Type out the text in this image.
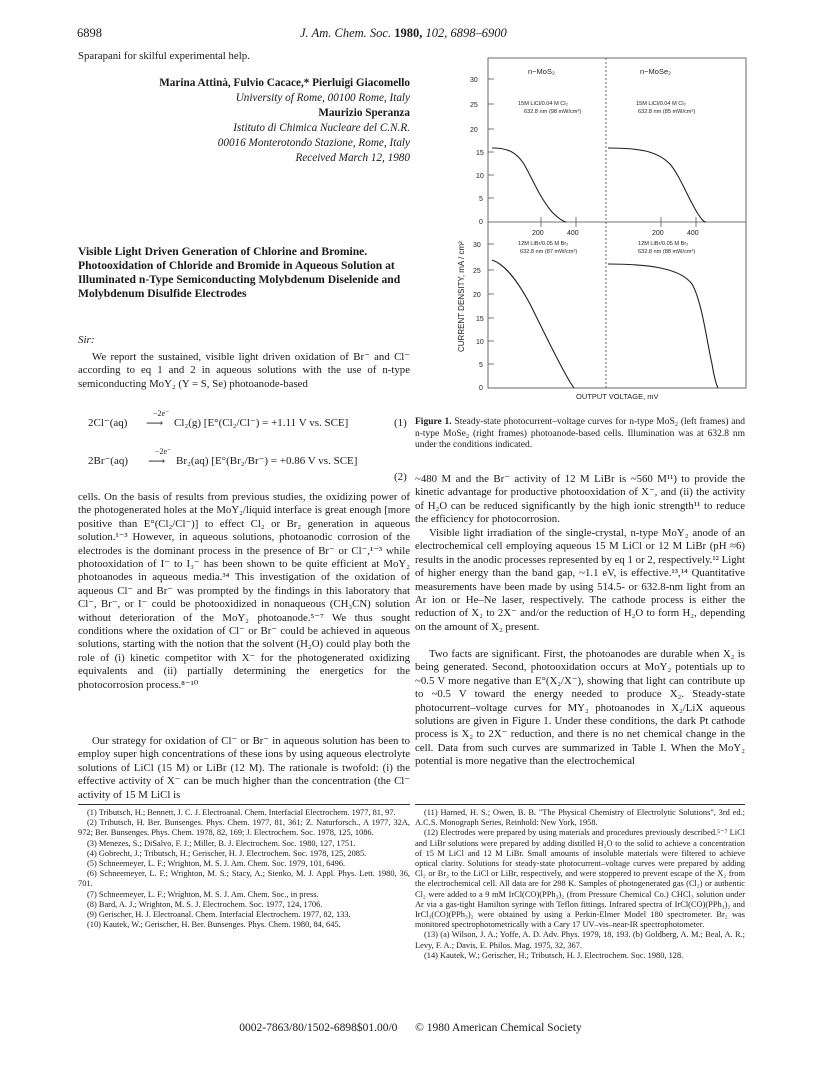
6898	J. Am. Chem. Soc. 1980, 102, 6898–6900
Sparapani for skilful experimental help.
Marina Attinà, Fulvio Cacace,* Pierluigi Giacomello
University of Rome, 00100 Rome, Italy
Maurizio Speranza
Istituto di Chimica Nucleare del C.N.R.
00016 Monterotondo Stazione, Rome, Italy
Received March 12, 1980
Visible Light Driven Generation of Chlorine and Bromine. Photooxidation of Chloride and Bromide in Aqueous Solution at Illuminated n-Type Semiconducting Molybdenum Diselenide and Molybdenum Disulfide Electrodes
Sir:

We report the sustained, visible light driven oxidation of Br⁻ and Cl⁻ according to eq 1 and 2 in aqueous solutions with the use of n-type semiconducting MoY₂ (Y = S, Se) photoanode-based

2Cl⁻(aq)
−2e⁻
⟶ Cl₂(g) [E°(Cl₂/Cl⁻) = +1.11 V vs. SCE]	(1)
2Br⁻(aq)
−2e⁻
⟶ Br₂(aq) [E°(Br₂/Br⁻) = +0.86 V vs. SCE]
(2)

cells. On the basis of results from previous studies, the oxidizing power of the photogenerated holes at the MoY₂/liquid interface is great enough [more positive than E°(Cl₂/Cl⁻)] to effect Cl₂ or Br₂ generation in aqueous solution.¹⁻³ However, in aqueous solutions, photoanodic corrosion of the electrodes is the dominant process in the presence of Br⁻ or Cl⁻,¹⁻³ while photooxidation of I⁻ to I₃⁻ has been shown to be quite efficient at MoY₂ photoanodes in aqueous media.³⁴ This investigation of the oxidation of aqueous Cl⁻ and Br⁻ was prompted by the findings in this laboratory that Cl⁻, Br⁻, or I⁻ could be photooxidized in nonaqueous (CH₃CN) solution without deterioration of the MoY₂ photoanode.⁵⁻⁷ We thus sought conditions where the oxidation of Cl⁻ or Br⁻ could be achieved in aqueous solutions, starting with the notion that the solvent (H₂O) could play both the role of (i) kinetic competitor with X⁻ for the photogenerated oxidizing equivalents and (ii) partially determining the energetics for the photocorrosion process.⁸⁻¹⁰

Our strategy for oxidation of Cl⁻ or Br⁻ in aqueous solution has been to employ super high concentrations of these ions by using aqueous electrolyte solutions of LiCl (15 M) or LiBr (12 M). The rationale is twofold: (i) the effective activity of X⁻ can be much higher than the concentration (the Cl⁻ activity of 15 M LiCl is

(1) Tributsch, H.; Bennett, J. C. J. Electroanal. Chem. Interfacial Electrochem. 1977, 81, 97.
(2) Tributsch, H. Ber. Bunsenges. Phys. Chem. 1977, 81, 361; Z. Naturforsch., A 1977, 32A, 972; Ber. Bunsenges. Phys. Chem. 1978, 82, 169; J. Electrochem. Soc. 1978, 125, 1086.
(3) Menezes, S.; DiSalvo, F. J.; Miller, B. J. Electrochem. Soc. 1980, 127, 1751.
(4) Gobrecht, J.; Tributsch, H.; Gerischer, H. J. Electrochem. Soc. 1978, 125, 2085.
(5) Schneemeyer, L. F.; Wrighton, M. S. J. Am. Chem. Soc. 1979, 101, 6496.
(6) Schneemeyer, L. F.; Wrighton, M. S.; Stacy, A.; Sienko, M. J. Appl. Phys. Lett. 1980, 36, 701.
(7) Schneemeyer, L. F.; Wrighton, M. S. J. Am. Chem. Soc., in press.
(8) Bard, A. J.; Wrighton, M. S. J. Electrochem. Soc. 1977, 124, 1706.
(9) Gerischer, H. J. Electroanal. Chem. Interfacial Electrochem. 1977, 82, 133.
(10) Kautek, W.; Gerischer, H. Ber. Bunsenges. Phys. Chem. 1980, 84, 645.
30
25
20
15
10
5
0
30
25
20
15
10
5
0
200	400	200	400
n−MoS₂	n−MoSe₂
15M LiCl/0.04 M Cl₂
632.8 nm (98 mW/cm²)
15M LiCl/0.04 M Cl₂
632.8 nm (85 mW/cm²)
12M LiBr/0.05 M Br₂
632.8 nm (87 mW/cm²)
12M LiBr/0.05 M Br₂
632.8 nm (88 mW/cm²)
CURRENT DENSITY, mA / cm²
OUTPUT VOLTAGE, mV
Figure 1. Steady-state photocurrent–voltage curves for n-type MoS₂ (left frames) and n-type MoSe₂ (right frames) photoanode-based cells. Illumination was at 632.8 nm under the conditions indicated.

~480 M and the Br⁻ activity of 12 M LiBr is ~560 M¹¹) to provide the kinetic advantage for productive photooxidation of X⁻, and (ii) the activity of H₂O can be reduced significantly by the high ionic strength¹¹ to reduce the efficiency for photocorrosion.

Visible light irradiation of the single-crystal, n-type MoY₂ anode of an electrochemical cell employing aqueous 15 M LiCl or 12 M LiBr (pH ≈6) results in the anodic processes represented by eq 1 or 2, respectively.¹² Light of higher energy than the band gap, ~1.1 eV, is effective.¹³,¹⁴ Quantitative measurements have been made by using 514.5- or 632.8-nm light from an Ar ion or He–Ne laser, respectively. The cathode process is either the reduction of X₂ to 2X⁻ and/or the reduction of H₂O to form H₂, depending on the amount of X₂ present.

Two facts are significant. First, the photoanodes are durable when X₂ is being generated. Second, photooxidation occurs at MoY₂ potentials up to ~0.5 V more negative than E°(X₂/X⁻), showing that light can contribute up to ~0.5 V toward the energy needed to produce X₂. Steady-state photocurrent–voltage curves for MY₂ photoanodes in X₂/LiX aqueous solutions are given in Figure 1. Under these conditions, the dark Pt cathode process is X₂ to 2X⁻ reduction, and there is no net chemical change in the cell. Data from such curves are summarized in Table I. When the MoY₂ potential is more negative than the electrochemical

(11) Harned, H. S.; Owen, B. B. "The Physical Chemistry of Electrolytic Solutions", 3rd ed.; A.C.S. Monograph Series, Reinhold: New York, 1958.
(12) Electrodes were prepared by using materials and procedures previously described.⁵⁻⁷ LiCl and LiBr solutions were prepared by adding distilled H₂O to the solid to achieve a concentration of 15 M LiCl and 12 M LiBr. Small amounts of insoluble materials were filtered to achieve optical clarity. Solutions for steady-state photocurrent–voltage curves were prepared by adding Cl₂ or Br₂ to the LiCl or LiBr, respectively, and were stoppered to prevent escape of the X₂ from the electrochemical cell. All data are for 298 K. Samples of photogenerated gas (Cl₂) or authentic Cl₂ were added to a 9 mM IrCl(CO)(PPh₃)₂ (from Pressure Chemical Co.) CHCl₃ solution under Ar via a gas-tight Hamilton syringe with Teflon fittings. Infrared spectra of IrCl(CO)(PPh₃)₂ and IrCl₃(CO)(PPh₃)₂ were obtained by using a Perkin-Elmer Model 180 spectrometer. Br₂ was monitored spectrophotometrically with a Cary 17 UV–vis–near-IR spectrophotometer.
(13) (a) Wilson, J. A.; Yoffe, A. D. Adv. Phys. 1979, 18, 193. (b) Goldberg, A. M.; Beal, A. R.; Levy, F. A.; Davis, E. Philos. Mag. 1975, 32, 367.
(14) Kautek, W.; Gerischer, H.; Tributsch, H. J. Electrochem. Soc. 1980, 128.
0002-7863/80/1502-6898$01.00/0 © 1980 American Chemical Society
